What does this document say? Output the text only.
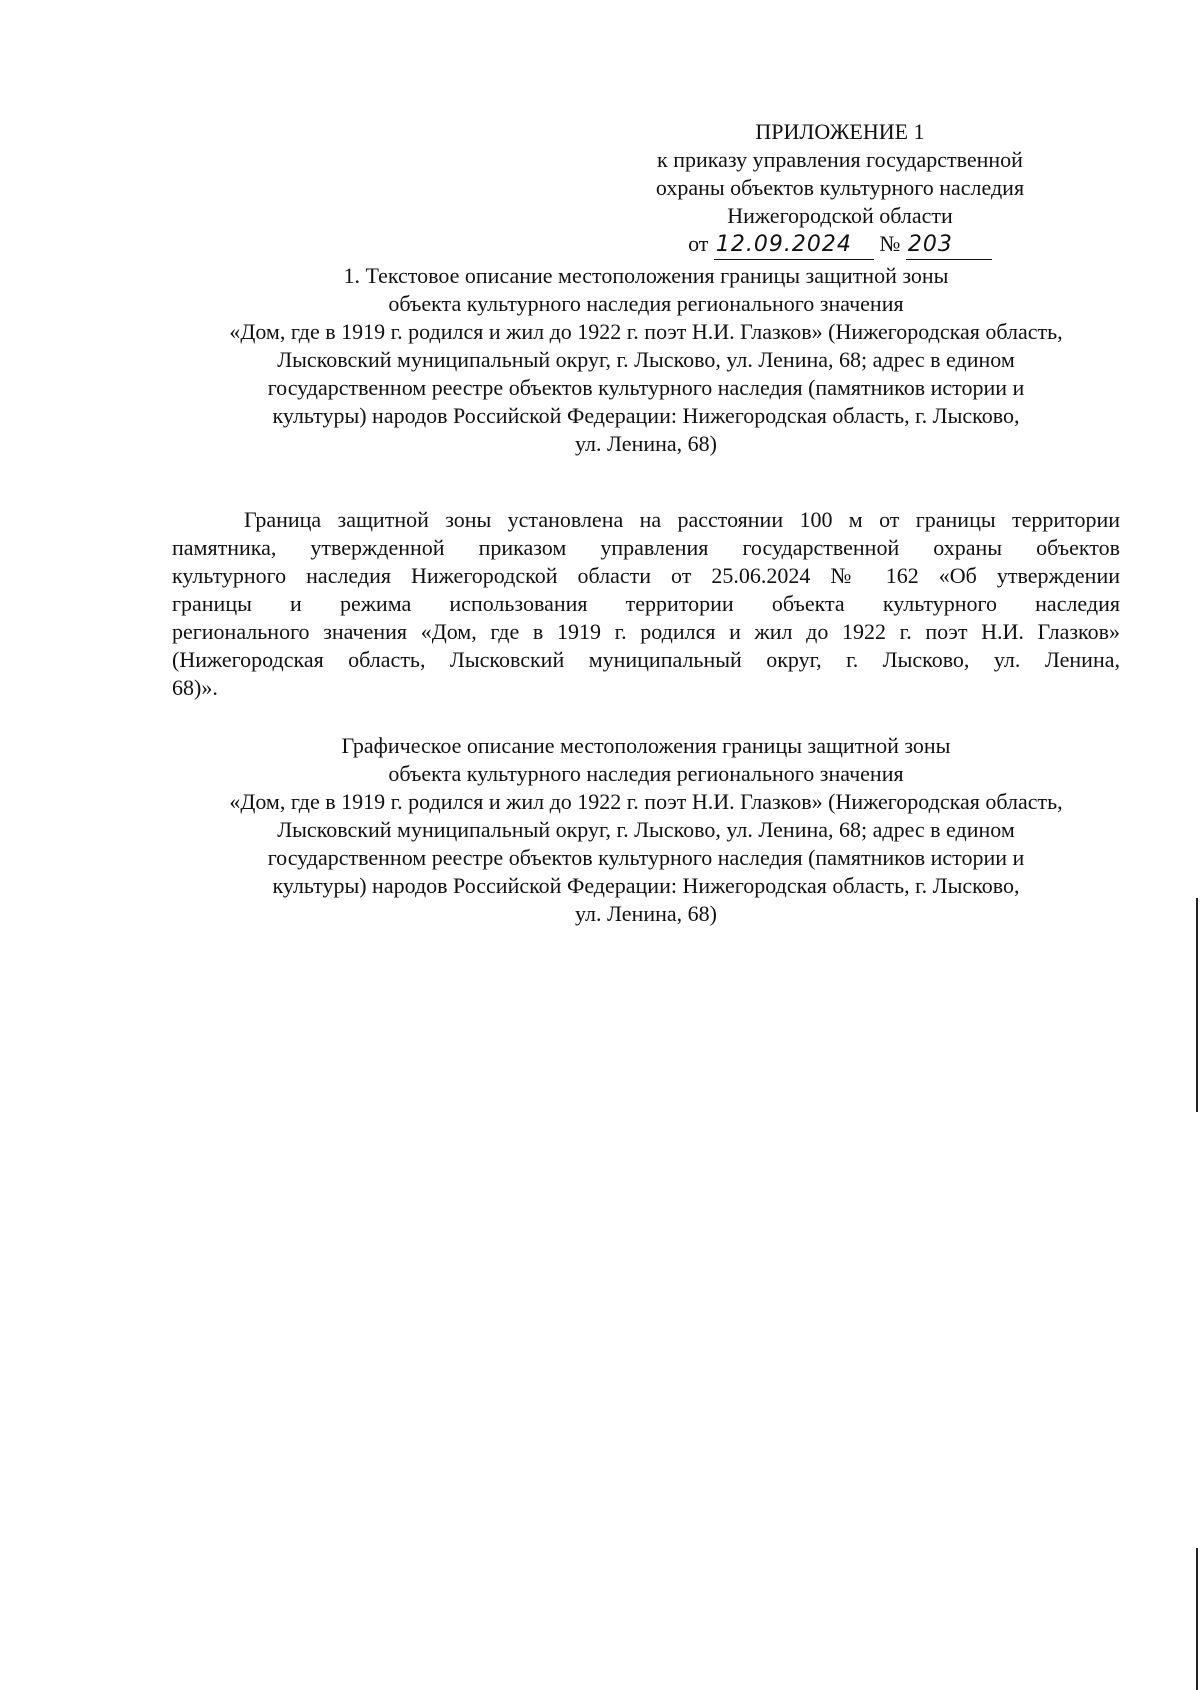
ПРИЛОЖЕНИЕ 1
к приказу управления государственной
охраны объектов культурного наследия
Нижегородской области
от 12.09.2024 № 203
1. Текстовое описание местоположения границы защитной зоны
объекта культурного наследия регионального значения
«Дом, где в 1919 г. родился и жил до 1922 г. поэт Н.И. Глазков» (Нижегородская область,
Лысковский муниципальный округ, г. Лысково, ул. Ленина, 68; адрес в едином
государственном реестре объектов культурного наследия (памятников истории и
культуры) народов Российской Федерации: Нижегородская область, г. Лысково,
ул. Ленина, 68)
Граница защитной зоны установлена на расстоянии 100 м от границы территории
памятника, утвержденной приказом управления государственной охраны объектов
культурного наследия Нижегородской области от 25.06.2024 № 162 «Об утверждении
границы и режима использования территории объекта культурного наследия
регионального значения «Дом, где в 1919 г. родился и жил до 1922 г. поэт Н.И. Глазков»
(Нижегородская область, Лысковский муниципальный округ, г. Лысково, ул. Ленина,
68)».
Графическое описание местоположения границы защитной зоны
объекта культурного наследия регионального значения
«Дом, где в 1919 г. родился и жил до 1922 г. поэт Н.И. Глазков» (Нижегородская область,
Лысковский муниципальный округ, г. Лысково, ул. Ленина, 68; адрес в едином
государственном реестре объектов культурного наследия (памятников истории и
культуры) народов Российской Федерации: Нижегородская область, г. Лысково,
ул. Ленина, 68)
